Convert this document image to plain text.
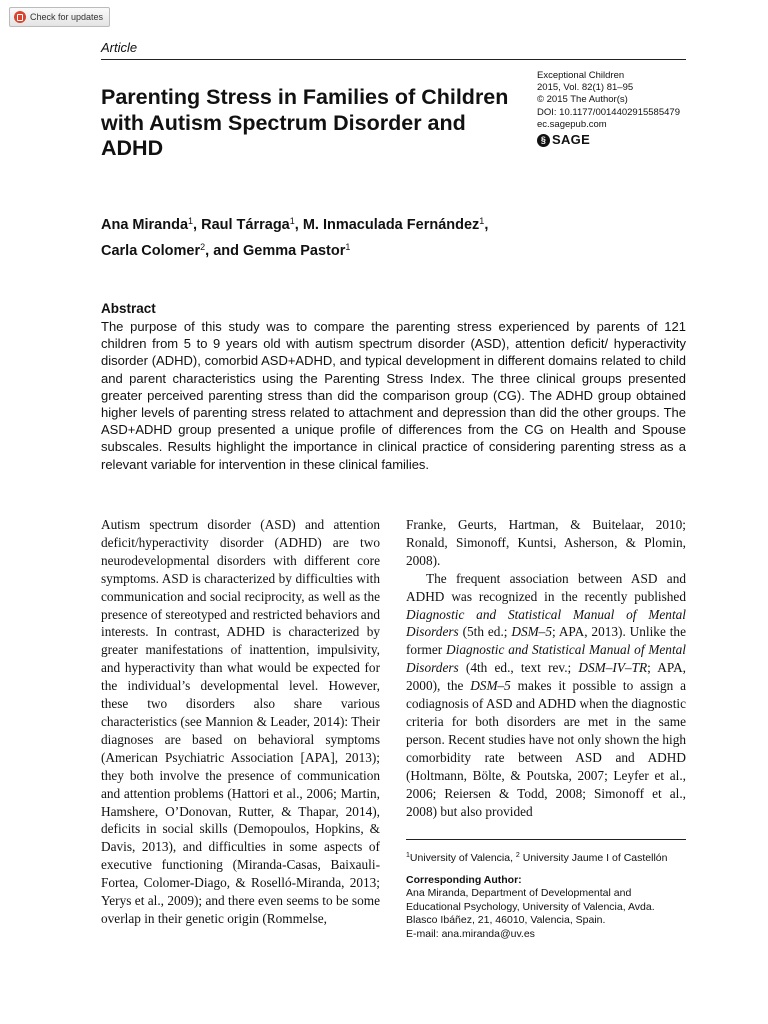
Check for updates
Article
Exceptional Children
2015, Vol. 82(1) 81–95
© 2015 The Author(s)
DOI: 10.1177/0014402915585479
ec.sagepub.com
§ SAGE
Parenting Stress in Families of Children with Autism Spectrum Disorder and ADHD

Ana Miranda$^1$, Raul Tárraga$^1$, M. Inmaculada Fernández$^1$,
Carla Colomer$^2$, and Gemma Pastor$^1$

Abstract

The purpose of this study was to compare the parenting stress experienced by parents of 121 children from 5 to 9 years old with autism spectrum disorder (ASD), attention deficit/ hyperactivity disorder (ADHD), comorbid ASD+ADHD, and typical development in different domains related to child and parent characteristics using the Parenting Stress Index. The three clinical groups presented greater perceived parenting stress than did the comparison group (CG). The ADHD group obtained higher levels of parenting stress related to attachment and depression than did the other groups. The ASD+ADHD group presented a unique profile of differences from the CG on Health and Spouse subscales. Results highlight the importance in clinical practice of considering parenting stress as a relevant variable for intervention in these clinical families.

Autism spectrum disorder (ASD) and attention deficit/hyperactivity disorder (ADHD) are two neurodevelopmental disorders with different core symptoms. ASD is characterized by difficulties with communication and social reciprocity, as well as the presence of stereotyped and restricted behaviors and interests. In contrast, ADHD is characterized by greater manifestations of inattention, impulsivity, and hyperactivity than what would be expected for the individual’s developmental level. However, these two disorders also share various characteristics (see Mannion & Leader, 2014): Their diagnoses are based on behavioral symptoms (American Psychiatric Association [APA], 2013); they both involve the presence of communication and attention problems (Hattori et al., 2006; Martin, Hamshere, O’Donovan, Rutter, & Thapar, 2014), deficits in social skills (Demopoulos, Hopkins, & Davis, 2013), and difficulties in some aspects of executive functioning (Miranda-Casas, Baixauli-Fortea, Colomer-Diago, & Roselló-Miranda, 2013; Yerys et al., 2009); and there even seems to be some overlap in their genetic origin (Rommelse,

Franke, Geurts, Hartman, & Buitelaar, 2010; Ronald, Simonoff, Kuntsi, Asherson, & Plomin, 2008).

The frequent association between ASD and ADHD was recognized in the recently published Diagnostic and Statistical Manual of Mental Disorders (5th ed.; DSM–5; APA, 2013). Unlike the former Diagnostic and Statistical Manual of Mental Disorders (4th ed., text rev.; DSM–IV–TR; APA, 2000), the DSM–5 makes it possible to assign a codiagnosis of ASD and ADHD when the diagnostic criteria for both disorders are met in the same person. Recent studies have not only shown the high comorbidity rate between ASD and ADHD (Holtmann, Bölte, & Poutska, 2007; Leyfer et al., 2006; Reiersen & Todd, 2008; Simonoff et al., 2008) but also provided

$^1$University of Valencia, $^2$ University Jaume I of Castellón
Corresponding Author:
Ana Miranda, Department of Developmental and
Educational Psychology, University of Valencia, Avda.
Blasco Ibáñez, 21, 46010, Valencia, Spain.
E-mail: ana.miranda@uv.es
